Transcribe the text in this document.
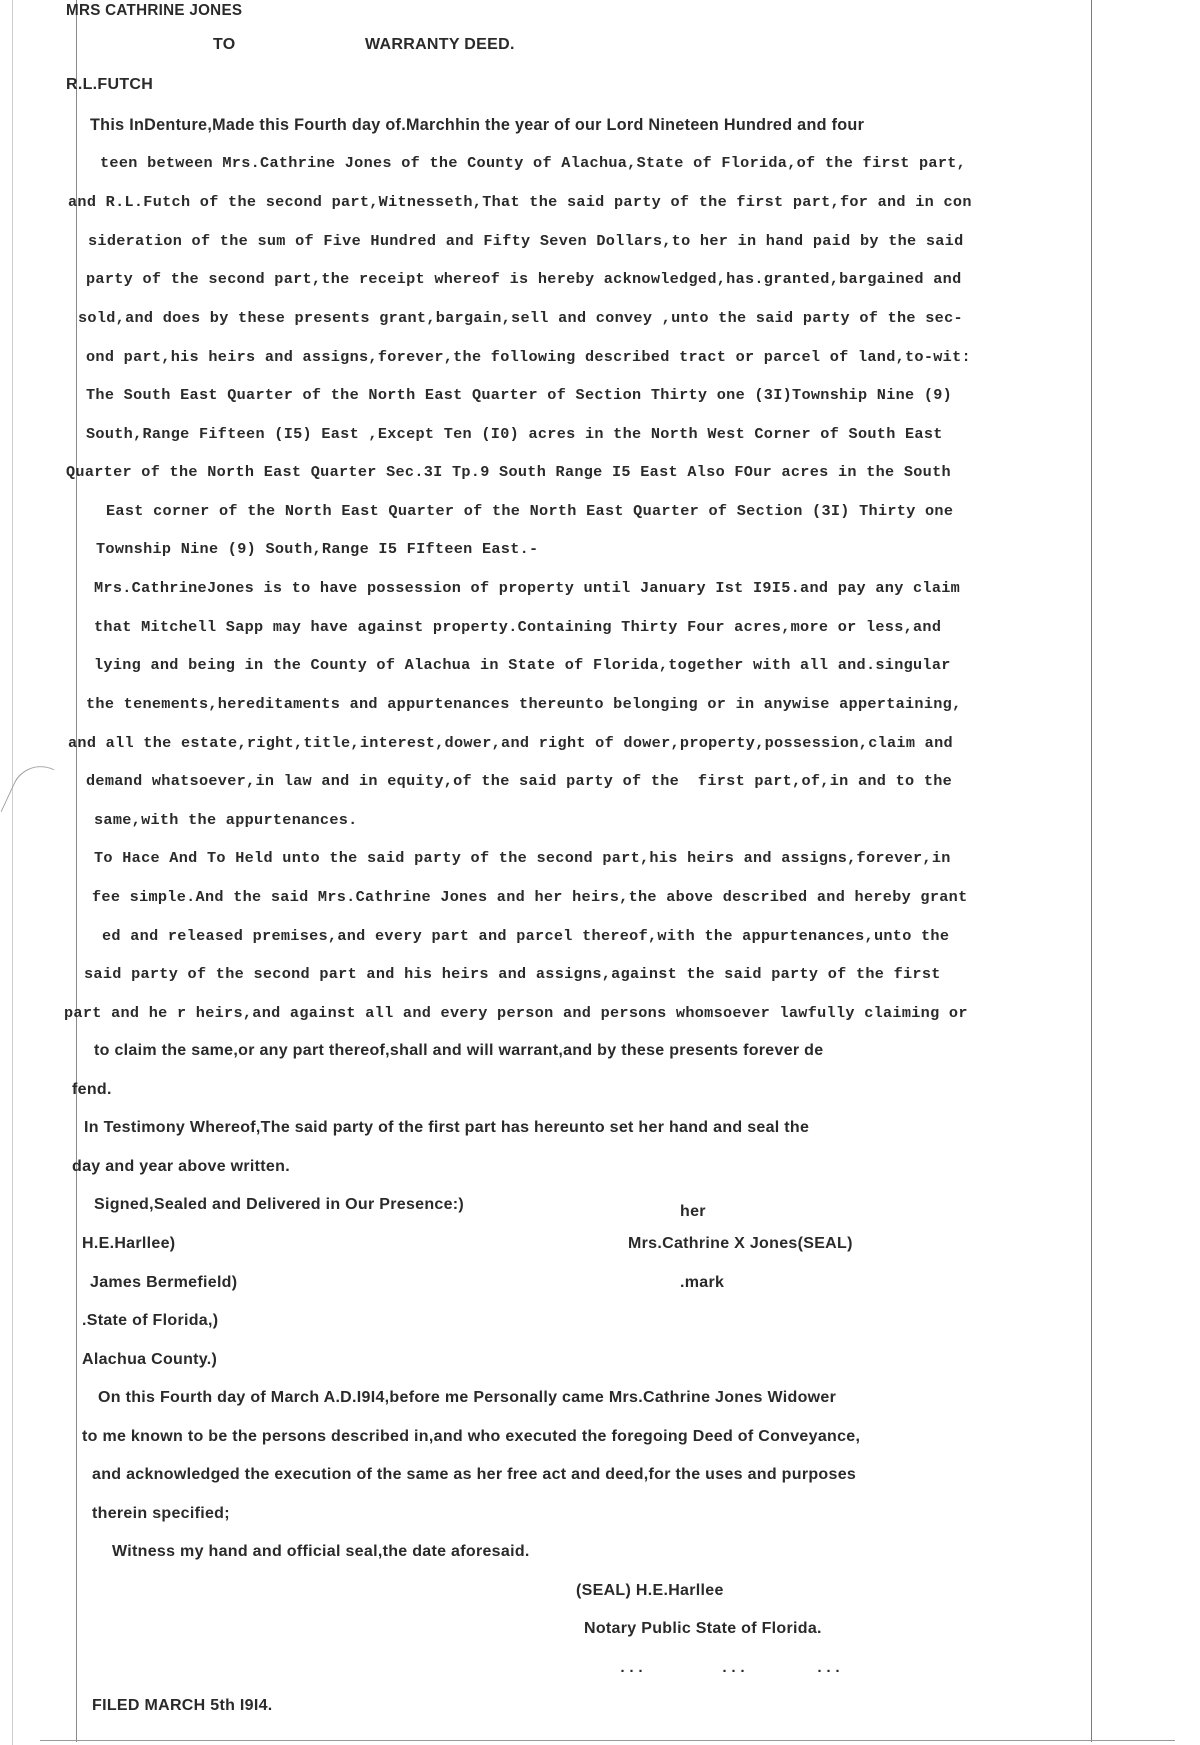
MRS CATHRINE JONES
TO	WARRANTY DEED.
R.L.FUTCH
This InDenture,Made this Fourth day of.Marchhin the year of our Lord Nineteen Hundred and four
teen between Mrs.Cathrine Jones of the County of Alachua,State of Florida,of the first part,
and R.L.Futch of the second part,Witnesseth,That the said party of the first part,for and in con
sideration of the sum of Five Hundred and Fifty Seven Dollars,to her in hand paid by the said
party of the second part,the receipt whereof is hereby acknowledged,has.granted,bargained and
sold,and does by these presents grant,bargain,sell and convey ,unto the said party of the sec-
ond part,his heirs and assigns,forever,the following described tract or parcel of land,to-wit:
The South East Quarter of the North East Quarter of Section Thirty one (3I)Township Nine (9)
South,Range Fifteen (I5) East ,Except Ten (I0) acres in the North West Corner of South East
Quarter of the North East Quarter Sec.3I Tp.9 South Range I5 East Also FOur acres in the South
East corner of the North East Quarter of the North East Quarter of Section (3I) Thirty one
Township Nine (9) South,Range I5 FIfteen East.-
Mrs.CathrineJones is to have possession of property until January Ist I9I5.and pay any claim
that Mitchell Sapp may have against property.Containing Thirty Four acres,more or less,and
lying and being in the County of Alachua in State of Florida,together with all and.singular
the tenements,hereditaments and appurtenances thereunto belonging or in anywise appertaining,
and all the estate,right,title,interest,dower,and right of dower,property,possession,claim and
demand whatsoever,in law and in equity,of the said party of the  first part,of,in and to the
same,with the appurtenances.
To Hace And To Held unto the said party of the second part,his heirs and assigns,forever,in
fee simple.And the said Mrs.Cathrine Jones and her heirs,the above described and hereby grant
ed and released premises,and every part and parcel thereof,with the appurtenances,unto the
said party of the second part and his heirs and assigns,against the said party of the first
part and he r heirs,and against all and every person and persons whomsoever lawfully claiming or
to claim the same,or any part thereof,shall and will warrant,and by these presents forever de
fend.
In Testimony Whereof,The said party of the first part has hereunto set her hand and seal the
day and year above written.
Signed,Sealed and Delivered in Our Presence:)	her
H.E.Harllee)	Mrs.Cathrine X Jones(SEAL)
James Bermefield)	.mark
.State of Florida,)
Alachua County.)
On this Fourth day of March A.D.I9I4,before me Personally came Mrs.Cathrine Jones Widower
to me known to be the persons described in,and who executed the foregoing Deed of Conveyance,
and acknowledged the execution of the same as her free act and deed,for the uses and purposes
therein specified;
Witness my hand and official seal,the date aforesaid.
(SEAL) H.E.Harllee
Notary Public State of Florida.
...	...	...
FILED MARCH 5th I9I4.
